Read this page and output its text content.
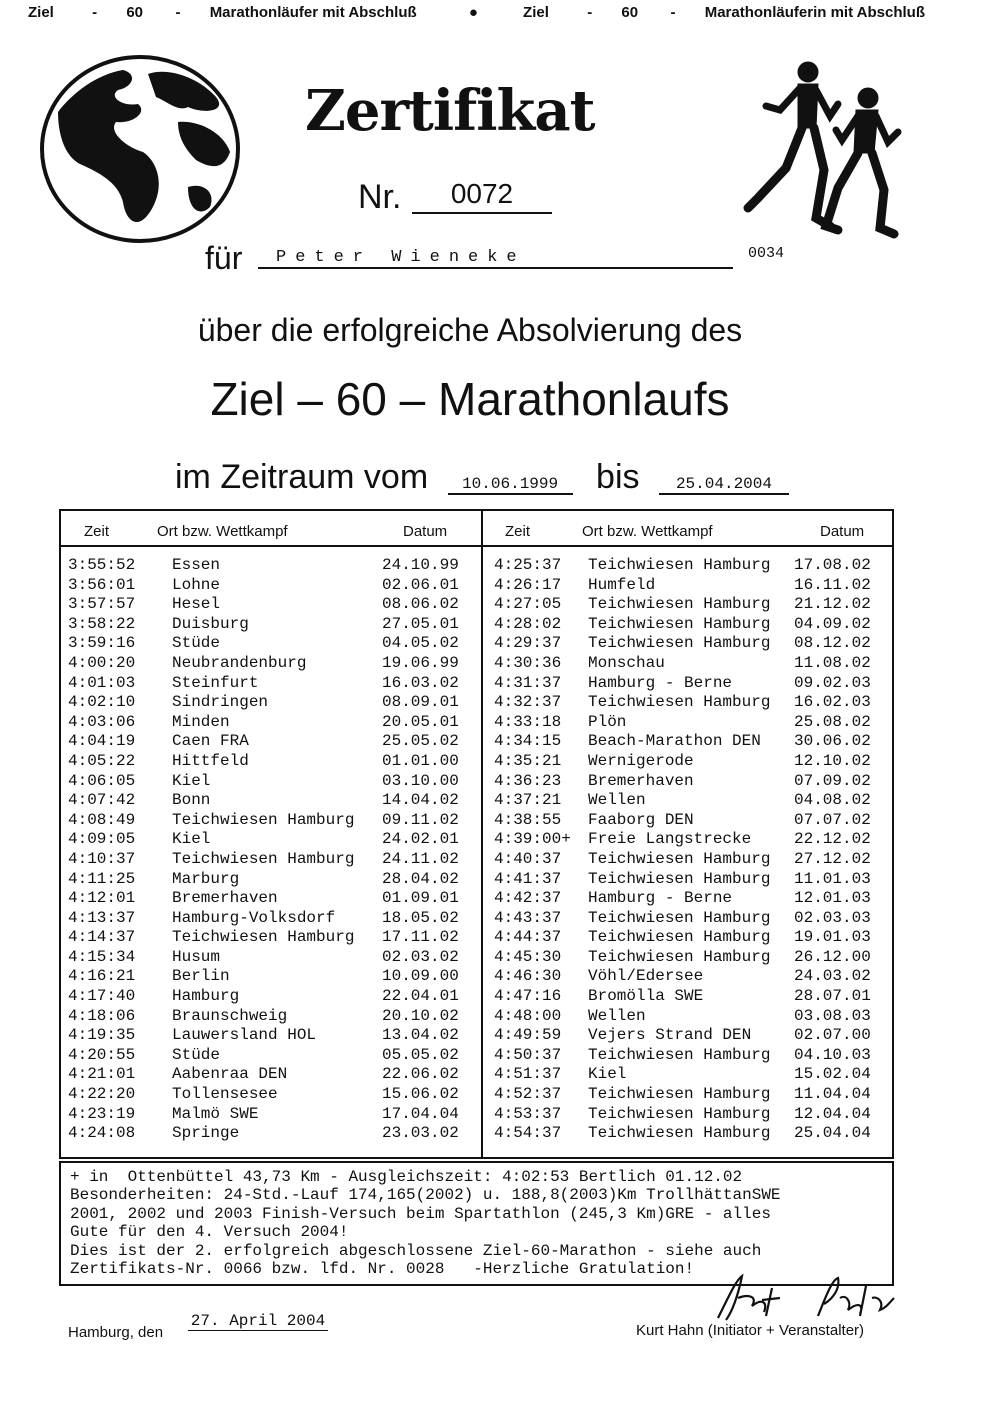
Ziel	- 60 - Marathonläufer mit Abschluß	●	Ziel	- 60 - Marathonläuferin mit Abschluß
Zertifikat
Nr.	0072
für	Peter Wieneke	0034
über die erfolgreiche Absolvierung des
Ziel – 60 – Marathonlaufs
im Zeitraum vom 10.06.1999 bis 25.04.2004
Zeit	Ort bzw. Wettkampf	Datum	Zeit	Ort bzw. Wettkampf	Datum
3:55:52 Essen	24.10.99
3:56:01 Lohne	02.06.01
3:57:57 Hesel	08.06.02
3:58:22 Duisburg	27.05.01
3:59:16 Stüde	04.05.02
4:00:20 Neubrandenburg	19.06.99
4:01:03 Steinfurt	16.03.02
4:02:10 Sindringen	08.09.01
4:03:06 Minden	20.05.01
4:04:19 Caen FRA	25.05.02
4:05:22 Hittfeld	01.01.00
4:06:05 Kiel	03.10.00
4:07:42 Bonn	14.04.02
4:08:49 Teichwiesen Hamburg 09.11.02
4:09:05 Kiel	24.02.01
4:10:37 Teichwiesen Hamburg 24.11.02
4:11:25 Marburg	28.04.02
4:12:01 Bremerhaven	01.09.01
4:13:37 Hamburg-Volksdorf	18.05.02
4:14:37 Teichwiesen Hamburg 17.11.02
4:15:34 Husum	02.03.02
4:16:21 Berlin	10.09.00
4:17:40 Hamburg	22.04.01
4:18:06 Braunschweig	20.10.02
4:19:35 Lauwersland HOL	13.04.02
4:20:55 Stüde	05.05.02
4:21:01 Aabenraa DEN	22.06.02
4:22:20 Tollensesee	15.06.02
4:23:19 Malmö SWE	17.04.04
4:24:08 Springe	23.03.02
4:25:37 Teichwiesen Hamburg 17.08.02
4:26:17 Humfeld	16.11.02
4:27:05 Teichwiesen Hamburg 21.12.02
4:28:02 Teichwiesen Hamburg 04.09.02
4:29:37 Teichwiesen Hamburg 08.12.02
4:30:36 Monschau	11.08.02
4:31:37 Hamburg - Berne	09.02.03
4:32:37 Teichwiesen Hamburg 16.02.03
4:33:18 Plön	25.08.02
4:34:15 Beach-Marathon DEN 30.06.02
4:35:21 Wernigerode	12.10.02
4:36:23 Bremerhaven	07.09.02
4:37:21 Wellen	04.08.02
4:38:55 Faaborg DEN	07.07.02
4:39:00+ Freie Langstrecke	22.12.02
4:40:37 Teichwiesen Hamburg 27.12.02
4:41:37 Teichwiesen Hamburg 11.01.03
4:42:37 Hamburg - Berne	12.01.03
4:43:37 Teichwiesen Hamburg 02.03.03
4:44:37 Teichwiesen Hamburg 19.01.03
4:45:30 Teichwiesen Hamburg 26.12.00
4:46:30 Vöhl/Edersee	24.03.02
4:47:16 Bromölla SWE	28.07.01
4:48:00 Wellen	03.08.03
4:49:59 Vejers Strand DEN	02.07.00
4:50:37 Teichwiesen Hamburg 04.10.03
4:51:37 Kiel	15.02.04
4:52:37 Teichwiesen Hamburg 11.04.04
4:53:37 Teichwiesen Hamburg 12.04.04
4:54:37 Teichwiesen Hamburg 25.04.04
+ in  Ottenbüttel 43,73 Km - Ausgleichszeit: 4:02:53 Bertlich 01.12.02
Besonderheiten: 24-Std.-Lauf 174,165(2002) u. 188,8(2003)Km TrollhättanSWE
2001, 2002 und 2003 Finish-Versuch beim Spartathlon (245,3 Km)GRE - alles
Gute für den 4. Versuch 2004!
Dies ist der 2. erfolgreich abgeschlossene Ziel-60-Marathon - siehe auch
Zertifikats-Nr. 0066 bzw. lfd. Nr. 0028   -Herzliche Gratulation!
Hamburg, den
27. April 2004
Kurt Hahn (Initiator + Veranstalter)
